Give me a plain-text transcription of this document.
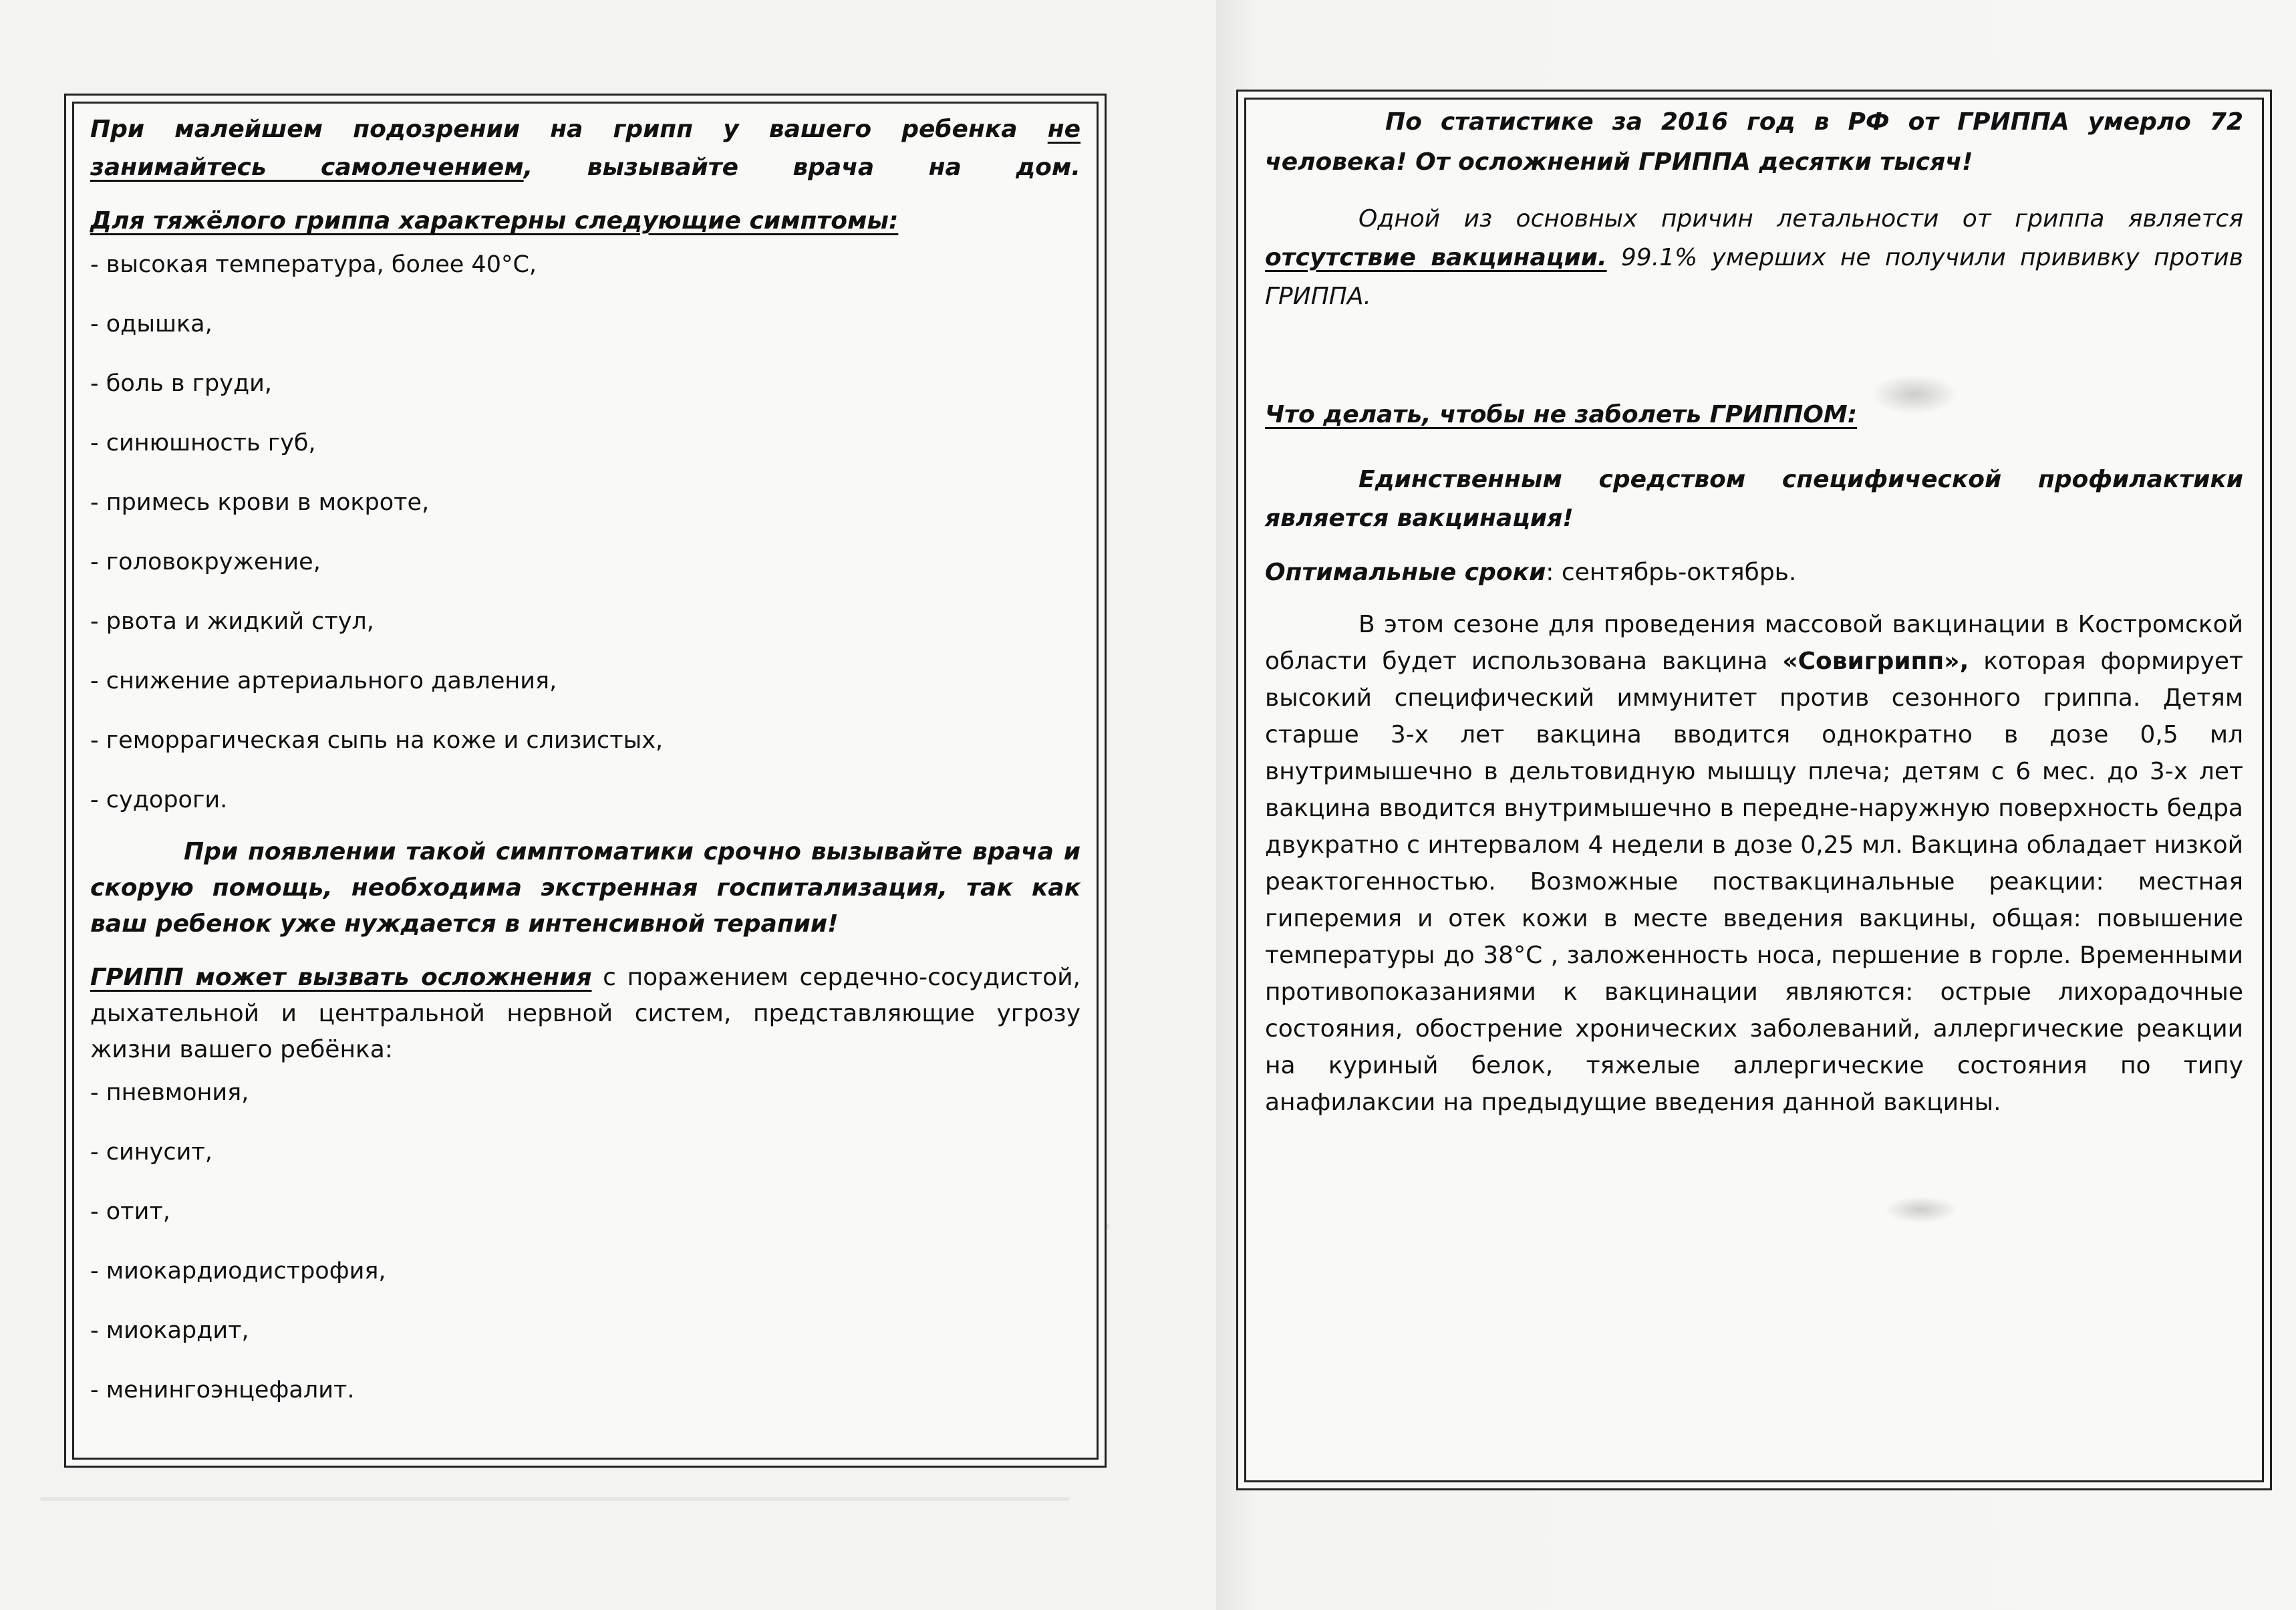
При малейшем подозрении на грипп у вашего ребенка не занимайтесь самолечением, вызывайте врача на дом.

Для тяжёлого гриппа характерны следующие симптомы:

- высокая температура, более 40°С,
- одышка,
- боль в груди,
- синюшность губ,
- примесь крови в мокроте,
- головокружение,
- рвота и жидкий стул,
- снижение артериального давления,
- геморрагическая сыпь на коже и слизистых,
- судороги.

При появлении такой симптоматики срочно вызывайте врача и скорую помощь, необходима экстренная госпитализация, так как ваш ребенок уже нуждается в интенсивной терапии!

ГРИПП может вызвать осложнения с поражением сердечно-сосудистой, дыхательной и центральной нервной систем, представляющие угрозу жизни вашего ребёнка:

- пневмония,
- синусит,
- отит,
- миокардиодистрофия,
- миокардит,
- менингоэнцефалит.

По статистике за 2016 год в РФ от ГРИППА умерло 72 человека! От осложнений ГРИППА десятки тысяч!

Одной из основных причин летальности от гриппа является отсутствие вакцинации. 99.1% умерших не получили прививку против ГРИППА.

Что делать, чтобы не заболеть ГРИППОМ:

Единственным средством специфической профилактики является вакцинация!

Оптимальные сроки: сентябрь-октябрь.

В этом сезоне для проведения массовой вакцинации в Костромской области будет использована вакцина «Совигрипп», которая формирует высокий специфический иммунитет против сезонного гриппа. Детям старше 3-х лет вакцина вводится однократно в дозе 0,5 мл внутримышечно в дельтовидную мышцу плеча; детям с 6 мес. до 3-х лет вакцина вводится внутримышечно в передне-наружную поверхность бедра двукратно с интервалом 4 недели в дозе 0,25 мл. Вакцина обладает низкой реактогенностью. Возможные поствакцинальные реакции: местная гиперемия и отек кожи в месте введения вакцины, общая: повышение температуры до 38°С , заложенность носа, першение в горле. Временными противопоказаниями к вакцинации являются: острые лихорадочные состояния, обострение хронических заболеваний, аллергические реакции на куриный белок, тяжелые аллергические состояния по типу анафилаксии на предыдущие введения данной вакцины.
